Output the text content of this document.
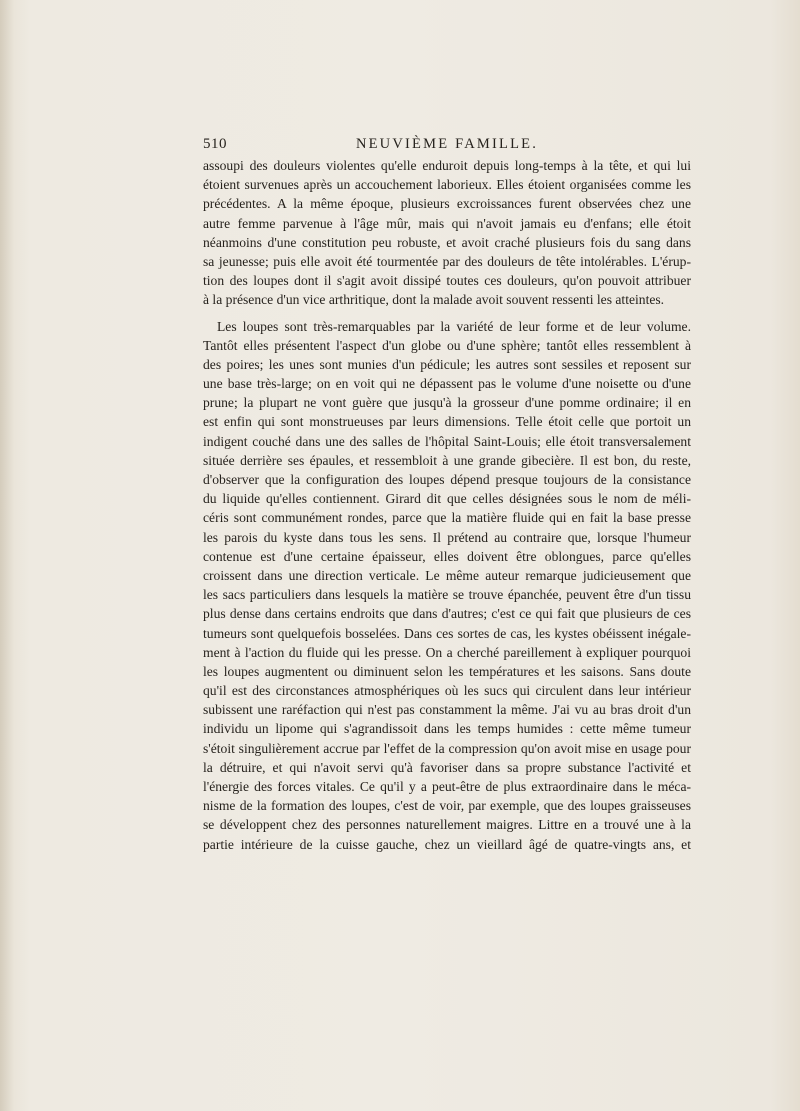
510	NEUVIÈME FAMILLE.

assoupi des douleurs violentes qu'elle enduroit depuis long-temps à la tête, et qui lui
étoient survenues après un accouchement laborieux. Elles étoient organisées comme les
précédentes. A la même époque, plusieurs excroissances furent observées chez une
autre femme parvenue à l'âge mûr, mais qui n'avoit jamais eu d'enfans; elle étoit
néanmoins d'une constitution peu robuste, et avoit craché plusieurs fois du sang dans
sa jeunesse; puis elle avoit été tourmentée par des douleurs de tête intolérables. L'érup-
tion des loupes dont il s'agit avoit dissipé toutes ces douleurs, qu'on pouvoit attribuer
à la présence d'un vice arthritique, dont la malade avoit souvent ressenti les atteintes.

Les loupes sont très-remarquables par la variété de leur forme et de leur volume.
Tantôt elles présentent l'aspect d'un globe ou d'une sphère; tantôt elles ressemblent à
des poires; les unes sont munies d'un pédicule; les autres sont sessiles et reposent sur
une base très-large; on en voit qui ne dépassent pas le volume d'une noisette ou d'une
prune; la plupart ne vont guère que jusqu'à la grosseur d'une pomme ordinaire; il en
est enfin qui sont monstrueuses par leurs dimensions. Telle étoit celle que portoit un
indigent couché dans une des salles de l'hôpital Saint-Louis; elle étoit transversalement
située derrière ses épaules, et ressembloit à une grande gibecière. Il est bon, du reste,
d'observer que la configuration des loupes dépend presque toujours de la consistance
du liquide qu'elles contiennent. Girard dit que celles désignées sous le nom de méli-
céris sont communément rondes, parce que la matière fluide qui en fait la base presse
les parois du kyste dans tous les sens. Il prétend au contraire que, lorsque l'humeur
contenue est d'une certaine épaisseur, elles doivent être oblongues, parce qu'elles
croissent dans une direction verticale. Le même auteur remarque judicieusement que
les sacs particuliers dans lesquels la matière se trouve épanchée, peuvent être d'un tissu
plus dense dans certains endroits que dans d'autres; c'est ce qui fait que plusieurs de ces
tumeurs sont quelquefois bosselées. Dans ces sortes de cas, les kystes obéissent inégale-
ment à l'action du fluide qui les presse. On a cherché pareillement à expliquer pourquoi
les loupes augmentent ou diminuent selon les températures et les saisons. Sans doute
qu'il est des circonstances atmosphériques où les sucs qui circulent dans leur intérieur
subissent une raréfaction qui n'est pas constamment la même. J'ai vu au bras droit d'un
individu un lipome qui s'agrandissoit dans les temps humides : cette même tumeur
s'étoit singulièrement accrue par l'effet de la compression qu'on avoit mise en usage pour
la détruire, et qui n'avoit servi qu'à favoriser dans sa propre substance l'activité et
l'énergie des forces vitales. Ce qu'il y a peut-être de plus extraordinaire dans le méca-
nisme de la formation des loupes, c'est de voir, par exemple, que des loupes graisseuses
se développent chez des personnes naturellement maigres. Littre en a trouvé une à la
partie intérieure de la cuisse gauche, chez un vieillard âgé de quatre-vingts ans, et
